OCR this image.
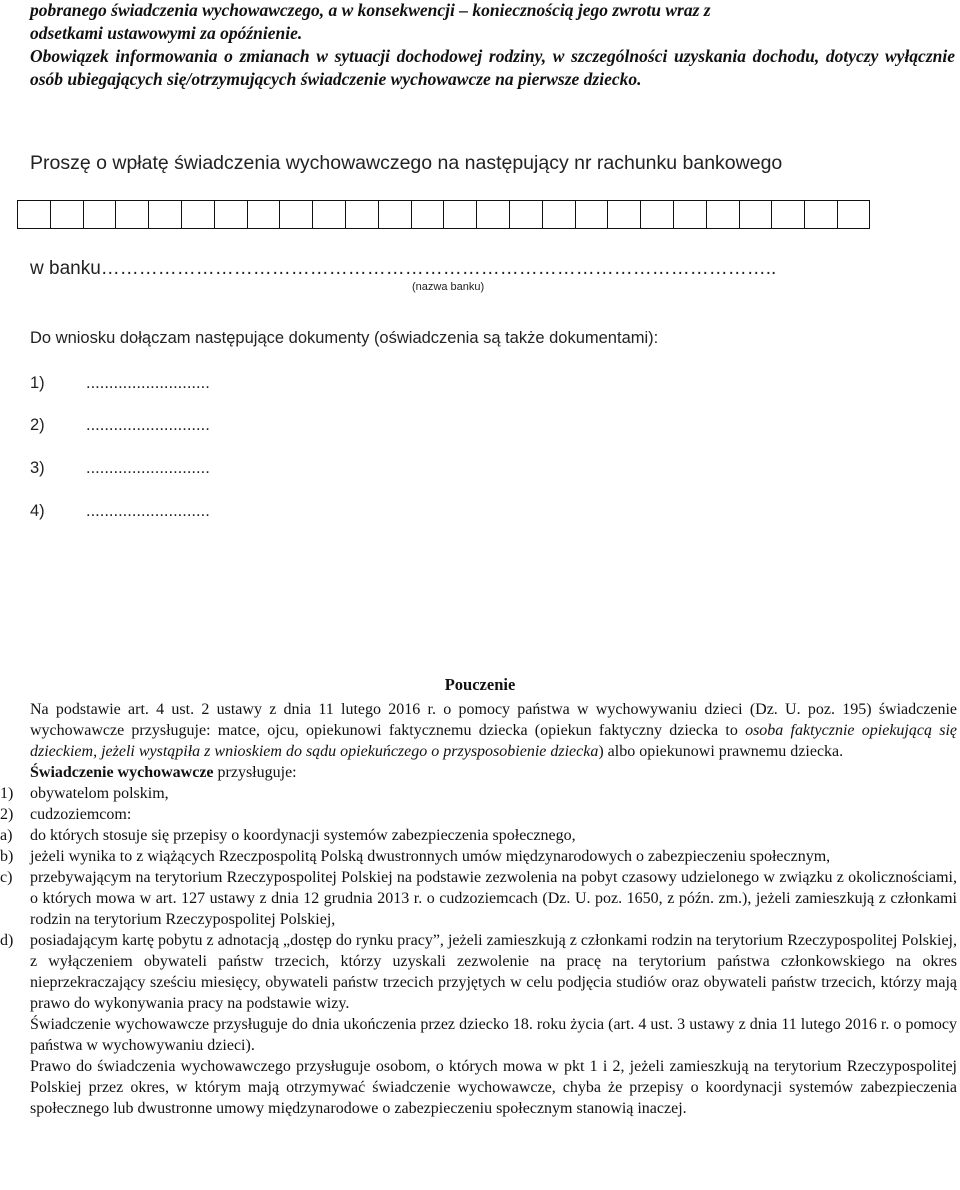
pobranego świadczenia wychowawczego, a w konsekwencji – koniecznością jego zwrotu wraz z
odsetkami ustawowymi za opóźnienie.
Obowiązek informowania o zmianach w sytuacji dochodowej rodziny, w szczególności uzyskania dochodu, dotyczy wyłącznie osób ubiegających się/otrzymujących świadczenie wychowawcze na pierwsze dziecko.
Proszę o wpłatę świadczenia wychowawczego na następujący nr rachunku bankowego
w banku……………………………………………………………………………………………..
(nazwa banku)
Do wniosku dołączam następujące dokumenty (oświadczenia są także dokumentami):
1)	...........................
2)	...........................
3)	...........................
4)	...........................
Pouczenie

Na podstawie art. 4 ust. 2 ustawy z dnia 11 lutego 2016 r. o pomocy państwa w wychowywaniu dzieci (Dz. U. poz. 195) świadczenie wychowawcze przysługuje: matce, ojcu, opiekunowi faktycznemu dziecka (opiekun faktyczny dziecka to osoba faktycznie opiekującą się dzieckiem, jeżeli wystąpiła z wnioskiem do sądu opiekuńczego o przysposobienie dziecka) albo opiekunowi prawnemu dziecka.

Świadczenie wychowawcze przysługuje:

1) obywatelom polskim,
2) cudzoziemcom:
a) do których stosuje się przepisy o koordynacji systemów zabezpieczenia społecznego,
b) jeżeli wynika to z wiążących Rzeczpospolitą Polską dwustronnych umów międzynarodowych o zabezpieczeniu społecznym,
c) przebywającym na terytorium Rzeczypospolitej Polskiej na podstawie zezwolenia na pobyt czasowy udzielonego w związku z okolicznościami, o których mowa w art. 127 ustawy z dnia 12 grudnia 2013 r. o cudzoziemcach (Dz. U. poz. 1650, z późn. zm.), jeżeli zamieszkują z członkami rodzin na terytorium Rzeczypospolitej Polskiej,
d) posiadającym kartę pobytu z adnotacją „dostęp do rynku pracy”, jeżeli zamieszkują z członkami rodzin na terytorium Rzeczypospolitej Polskiej, z wyłączeniem obywateli państw trzecich, którzy uzyskali zezwolenie na pracę na terytorium państwa członkowskiego na okres nieprzekraczający sześciu miesięcy, obywateli państw trzecich przyjętych w celu podjęcia studiów oraz obywateli państw trzecich, którzy mają prawo do wykonywania pracy na podstawie wizy.

Świadczenie wychowawcze przysługuje do dnia ukończenia przez dziecko 18. roku życia (art. 4 ust. 3 ustawy z dnia 11 lutego 2016 r. o pomocy państwa w wychowywaniu dzieci).

Prawo do świadczenia wychowawczego przysługuje osobom, o których mowa w pkt 1 i 2, jeżeli zamieszkują na terytorium Rzeczypospolitej Polskiej przez okres, w którym mają otrzymywać świadczenie wychowawcze, chyba że przepisy o koordynacji systemów zabezpieczenia społecznego lub dwustronne umowy międzynarodowe o zabezpieczeniu społecznym stanowią inaczej.
